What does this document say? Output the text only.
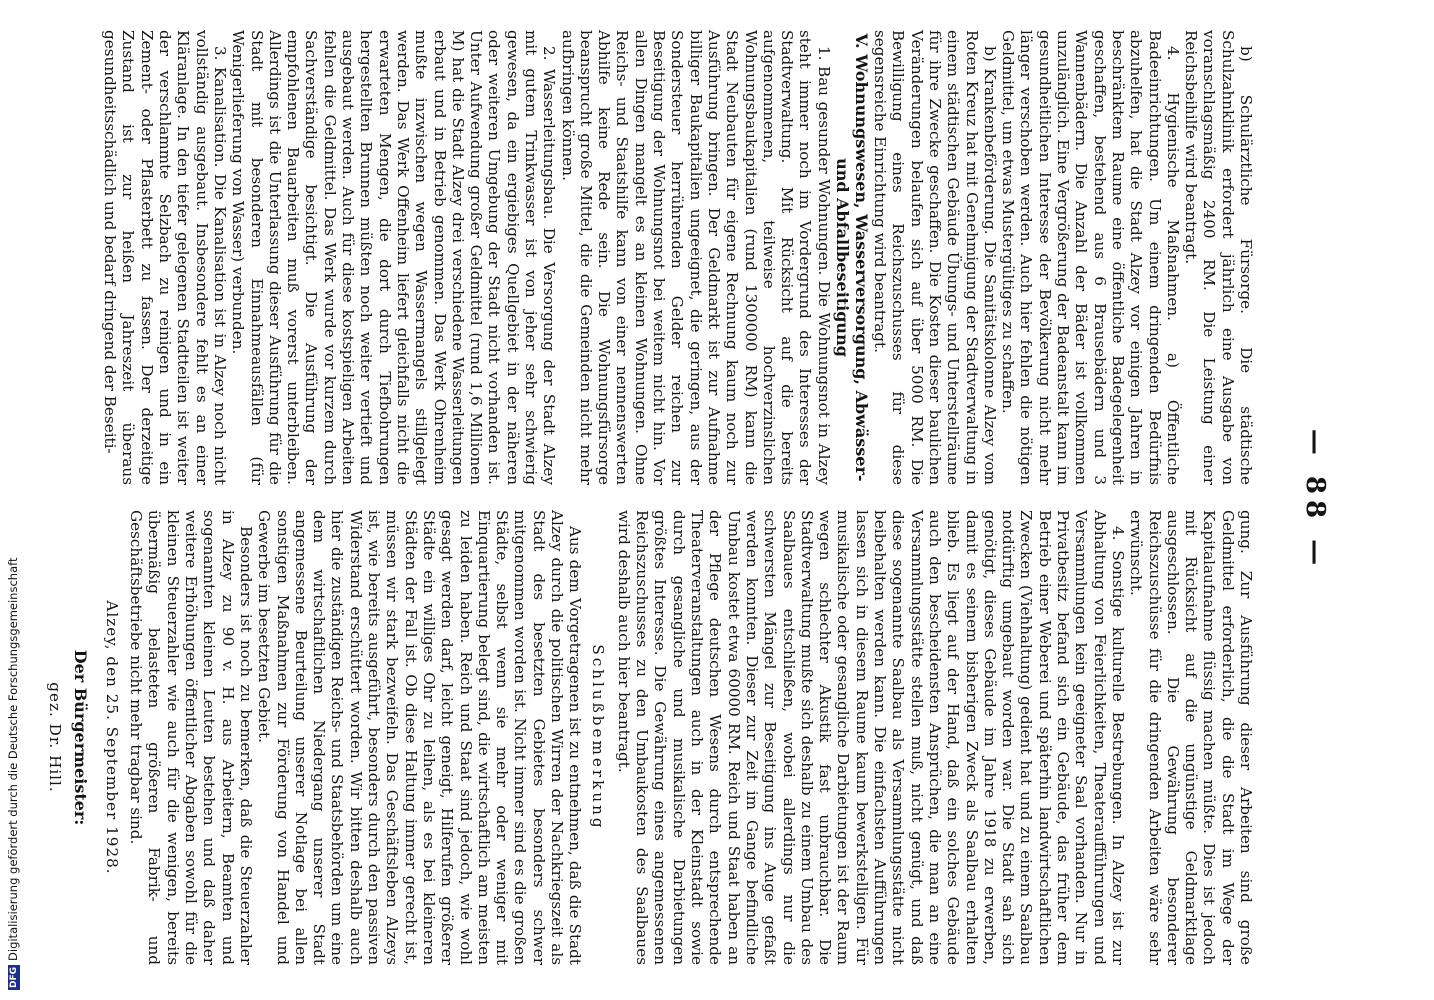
DFGDigitalisierung gefördert durch die Deutsche Forschungsgemeinschaft
— 88 —

b) Schulärztliche Fürsorge. Die städtische Schulzahnklinik erfordert jährlich eine Ausgabe von voranschlagsmäßig 2400 RM. Die Leistung einer Reichsbeihilfe wird beantragt.

4. Hygienische Maßnahmen. a) Öffentliche Badeeinrichtungen. Um einem dringenden Bedürfnis abzuhelfen, hat die Stadt Alzey vor einigen Jahren in beschränktem Raume eine öffentliche Badegelegenheit geschaffen, bestehend aus 6 Brausebädern und 3 Wannenbädern. Die Anzahl der Bäder ist vollkommen unzulänglich. Eine Vergrößerung der Badeanstalt kann im gesundheitlichen Interesse der Bevölkerung nicht mehr länger verschoben werden. Auch hier fehlen die nötigen Geldmittel, um etwas Mustergültiges zu schaffen.

b) Krankenbeförderung. Die Sanitätskolonne Alzey vom Roten Kreuz hat mit Genehmigung der Stadtverwaltung in einem städtischen Gebäude Übungs- und Unterstellräume für ihre Zwecke geschaffen. Die Kosten dieser baulichen Veränderungen belaufen sich auf über 5000 RM. Die Bewilligung eines Reichszuschusses für diese segensreiche Einrichtung wird beantragt.

V. Wohnungswesen, Wasserversorgung, Abwässer- und Abfallbeseitigung

1. Bau gesunder Wohnungen. Die Wohnungsnot in Alzey steht immer noch im Vordergrund des Interesses der Stadtverwaltung. Mit Rücksicht auf die bereits aufgenommenen, teilweise hochverzinslichen Wohnungsbaukapitalien (rund 1300000 RM) kann die Stadt Neubauten für eigene Rechnung kaum noch zur Ausführung bringen. Der Geldmarkt ist zur Aufnahme billiger Baukapitalien ungeeignet, die geringen, aus der Sondersteuer herrührenden Gelder reichen zur Beseitigung der Wohnungsnot bei weitem nicht hin. Vor allen Dingen mangelt es an kleinen Wohnungen. Ohne Reichs- und Staatshilfe kann von einer nennenswerten Abhilfe keine Rede sein. Die Wohnungsfürsorge beansprucht große Mittel, die die Gemeinden nicht mehr aufbringen können.

2. Wasserleitungsbau. Die Versorgung der Stadt Alzey mit gutem Trinkwasser ist von jeher sehr schwierig gewesen, da ein ergiebiges Quellgebiet in der näheren oder weiteren Umgebung der Stadt nicht vorhanden ist. Unter Aufwendung großer Geldmittel (rund 1,6 Millionen M) hat die Stadt Alzey drei verschiedene Wasserleitungen erbaut und in Betrieb genommen. Das Werk Ohrenheim mußte inzwischen wegen Wassermangels stillgelegt werden. Das Werk Offenheim liefert gleichfalls nicht die erwarteten Mengen, die dort durch Tiefbohrungen hergestellten Brunnen müßten noch weiter vertieft und ausgebaut werden. Auch für diese kostspieligen Arbeiten fehlen die Geldmittel. Das Werk wurde vor kurzem durch Sachverständige besichtigt. Die Ausführung der empfohlenen Bauarbeiten muß vorerst unterbleiben. Allerdings ist die Unterlassung dieser Ausführung für die Stadt mit besonderen Einnahmeausfällen (für Wenigerlieferung von Wasser) verbunden.

3. Kanalisation. Die Kanalisation ist in Alzey noch nicht vollständig ausgebaut. Insbesondere fehlt es an einer Kläranlage. In den tiefer gelegenen Stadtteilen ist weiter der verschlammte Selzbach zu reinigen und in ein Zement- oder Pflasterbett zu fassen. Der derzeitige Zustand ist zur heißen Jahreszeit überaus gesundheitsschädlich und bedarf dringend der Beseiti-

gung. Zur Ausführung dieser Arbeiten sind große Geldmittel erforderlich, die die Stadt im Wege der Kapitalaufnahme flüssig machen müßte. Dies ist jedoch mit Rücksicht auf die ungünstige Geldmarktlage ausgeschlossen. Die Gewährung besonderer Reichszuschüsse für die dringenden Arbeiten wäre sehr erwünscht.

4. Sonstige kulturelle Bestrebungen. In Alzey ist zur Abhaltung von Feierlichkeiten, Theateraufführungen und Versammlungen kein geeigneter Saal vorhanden. Nur in Privatbesitz befand sich ein Gebäude, das früher dem Betrieb einer Weberei und späterhin landwirtschaftlichen Zwecken (Viehhaltung) gedient hat und zu einem Saalbau notdürftig umgebaut worden war. Die Stadt sah sich genötigt, dieses Gebäude im Jahre 1918 zu erwerben, damit es seinem bisherigen Zweck als Saalbau erhalten blieb. Es liegt auf der Hand, daß ein solches Gebäude auch den bescheidensten Ansprüchen, die man an eine Versammlungsstätte stellen muß, nicht genügt, und daß diese sogenannte Saalbau als Versammlungsstätte nicht beibehalten werden kann. Die einfachsten Aufführungen lassen sich in diesem Raume kaum bewerkstelligen. Für musikalische oder gesangliche Darbietungen ist der Raum wegen schlechter Akustik fast unbrauchbar. Die Stadtverwaltung mußte sich deshalb zu einem Umbau des Saalbaues entschließen, wobei allerdings nur die schwersten Mängel zur Beseitigung ins Auge gefaßt werden konnten. Dieser zur Zeit im Gange befindliche Umbau kostet etwa 60000 RM. Reich und Staat haben an der Pflege deutschen Wesens durch entsprechende Theaterveranstaltungen auch in der Kleinstadt sowie durch gesangliche und musikalische Darbietungen größtes Interesse. Die Gewährung eines angemessenen Reichszuschusses zu den Umbaukosten des Saalbaues wird deshalb auch hier beantragt.

Schlußbemerkung

Aus dem Vorgetragenen ist zu entnehmen, daß die Stadt Alzey durch die politischen Wirren der Nachkriegszeit als Stadt des besetzten Gebietes besonders schwer mitgenommen worden ist. Nicht immer sind es die großen Städte, selbst wenn sie mehr oder weniger mit Einquartierung belegt sind, die wirtschaftlich am meisten zu leiden haben. Reich und Staat sind jedoch, wie wohl gesagt werden darf, leicht geneigt, Hilferufen größerer Städte ein williges Ohr zu leihen, als es bei kleineren Städten der Fall ist. Ob diese Haltung immer gerecht ist, müssen wir stark bezweifeln. Das Geschäftsleben Alzeys ist, wie bereits ausgeführt, besonders durch den passiven Widerstand erschüttert worden. Wir bitten deshalb auch hier die zuständigen Reichs- und Staatsbehörden um eine dem wirtschaftlichen Niedergang unserer Stadt angemessene Beurteilung unserer Notlage bei allen sonstigen Maßnahmen zur Förderung von Handel und Gewerbe im besetzten Gebiet.

Besonders ist noch zu bemerken, daß die Steuerzahler in Alzey zu 90 v. H. aus Arbeitern, Beamten und sogenannten kleinen Leuten bestehen und daß daher weitere Erhöhungen öffentlicher Abgaben sowohl für die kleinen Steuerzahler wie auch für die wenigen, bereits übermäßig belasteten größeren Fabrik- und Geschäftsbetriebe nicht mehr tragbar sind.

Alzey, den 25. September 1928.

Der Bürgermeister:
gez. Dr. Hill.
